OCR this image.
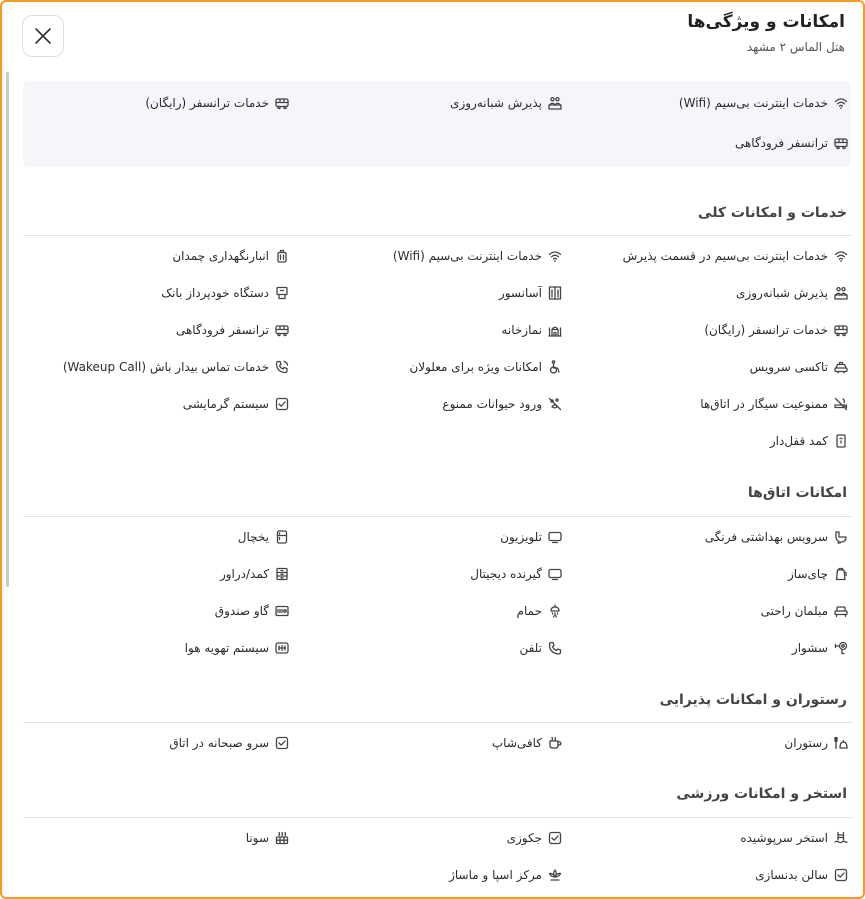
امکانات و ویژگی‌ها
هتل الماس ۲ مشهد
خدمات اینترنت بی‌سیم (Wifi)
پذیرش شبانه‌روزی
خدمات ترانسفر (رایگان)
ترانسفر فرودگاهی
خدمات و امکانات کلی
خدمات اینترنت بی‌سیم در قسمت پذیرش
خدمات اینترنت بی‌سیم (Wifi)
انبارنگهداری چمدان
پذیرش شبانه‌روزی
آسانسور
دستگاه خودپرداز بانک
خدمات ترانسفر (رایگان)
نمازخانه
ترانسفر فرودگاهی
تاکسی سرویس
امکانات ویژه برای معلولان
خدمات تماس بیدار باش (Wakeup Call)
ممنوعیت سیگار در اتاق‌ها
ورود حیوانات ممنوع
سیستم گرمایشی
کمد قفل‌دار
امکانات اتاق‌ها
سرویس بهداشتی فرنگی
تلویزیون
یخچال
چای‌ساز
گیرنده دیجیتال
کمد/دراور
مبلمان راحتی
حمام
گاو صندوق
سشوار
تلفن
سیستم تهویه هوا
رستوران و امکانات پذیرایی
رستوران
کافی‌شاپ
سرو صبحانه در اتاق
استخر و امکانات ورزشی
استخر سرپوشیده
جکوزی
سونا
سالن بدنسازی
مرکز اسپا و ماساژ
